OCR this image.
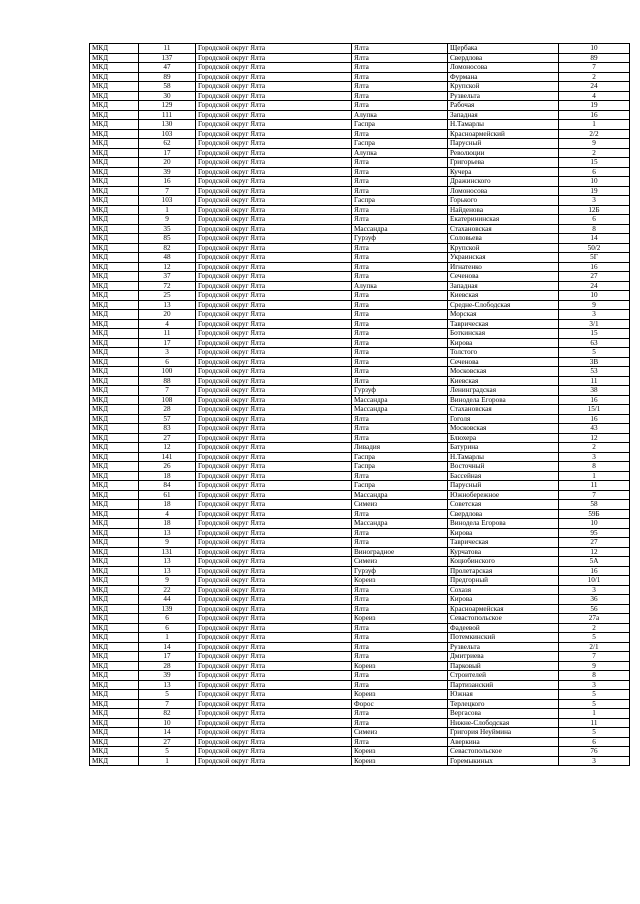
МКД	11	Городской округ Ялта	Ялта	Щербака	10
МКД	137	Городской округ Ялта	Ялта	Свердлова	89
МКД	47	Городской округ Ялта	Ялта	Ломоносова	7
МКД	89	Городской округ Ялта	Ялта	Фурмана	2
МКД	58	Городской округ Ялта	Ялта	Крупской	24
МКД	30	Городской округ Ялта	Ялта	Рузвельта	4
МКД	129	Городской округ Ялта	Ялта	Рабочая	19
МКД	111	Городской округ Ялта	Алупка	Западная	16
МКД	130	Городской округ Ялта	Гаспра	Н.Тамарлы	1
МКД	103	Городской округ Ялта	Ялта	Красноармейский	2/2
МКД	62	Городской округ Ялта	Гаспра	Парусный	9
МКД	17	Городской округ Ялта	Алупка	Революции	2
МКД	20	Городской округ Ялта	Ялта	Григорьева	15
МКД	39	Городской округ Ялта	Ялта	Кучера	6
МКД	16	Городской округ Ялта	Ялта	Дражинского	10
МКД	7	Городской округ Ялта	Ялта	Ломоносова	19
МКД	103	Городской округ Ялта	Гаспра	Горького	3
МКД	1	Городской округ Ялта	Ялта	Найденова	12Б
МКД	9	Городской округ Ялта	Ялта	Екатерининская	6
МКД	35	Городской округ Ялта	Массандра	Стахановская	8
МКД	85	Городской округ Ялта	Гурзуф	Соловьева	14
МКД	82	Городской округ Ялта	Ялта	Крупской	50/2
МКД	48	Городской округ Ялта	Ялта	Украинская	5Г
МКД	12	Городской округ Ялта	Ялта	Игнатенко	16
МКД	37	Городской округ Ялта	Ялта	Сеченова	27
МКД	72	Городской округ Ялта	Алупка	Западная	24
МКД	25	Городской округ Ялта	Ялта	Киевская	10
МКД	13	Городской округ Ялта	Ялта	Средне-Слободская	9
МКД	20	Городской округ Ялта	Ялта	Морская	3
МКД	4	Городской округ Ялта	Ялта	Таврическая	3/1
МКД	11	Городской округ Ялта	Ялта	Боткинская	15
МКД	17	Городской округ Ялта	Ялта	Кирова	63
МКД	3	Городской округ Ялта	Ялта	Толстого	5
МКД	6	Городской округ Ялта	Ялта	Сеченова	3В
МКД	100	Городской округ Ялта	Ялта	Московская	53
МКД	88	Городской округ Ялта	Ялта	Киевская	11
МКД	7	Городской округ Ялта	Гурзуф	Ленинградская	38
МКД	108	Городской округ Ялта	Массандра	Винодела Егорова	16
МКД	28	Городской округ Ялта	Массандра	Стахановская	15/1
МКД	57	Городской округ Ялта	Ялта	Гоголя	16
МКД	83	Городской округ Ялта	Ялта	Московская	43
МКД	27	Городской округ Ялта	Ялта	Блюхера	12
МКД	12	Городской округ Ялта	Ливадия	Батурина	2
МКД	141	Городской округ Ялта	Гаспра	Н.Тамарлы	3
МКД	26	Городской округ Ялта	Гаспра	Восточный	8
МКД	18	Городской округ Ялта	Ялта	Бассейная	1
МКД	84	Городской округ Ялта	Гаспра	Парусный	11
МКД	61	Городской округ Ялта	Массандра	Южнобережное	7
МКД	18	Городской округ Ялта	Симеиз	Советская	58
МКД	4	Городской округ Ялта	Ялта	Свердлова	59Б
МКД	18	Городской округ Ялта	Массандра	Винодела Егорова	10
МКД	13	Городской округ Ялта	Ялта	Кирова	95
МКД	9	Городской округ Ялта	Ялта	Таврическая	27
МКД	131	Городской округ Ялта	Виноградное	Курчатова	12
МКД	13	Городской округ Ялта	Симеиз	Коцюбинского	5А
МКД	13	Городской округ Ялта	Гурзуф	Пролетарская	16
МКД	9	Городской округ Ялта	Кореиз	Предгорный	10/1
МКД	22	Городской округ Ялта	Ялта	Сохазя	3
МКД	44	Городской округ Ялта	Ялта	Кирова	36
МКД	139	Городской округ Ялта	Ялта	Красноармейская	56
МКД	6	Городской округ Ялта	Кореиз	Севастопольское	27а
МКД	6	Городской округ Ялта	Ялта	Фадеевой	2
МКД	1	Городской округ Ялта	Ялта	Потемкинский	5
МКД	14	Городской округ Ялта	Ялта	Рузвельта	2/1
МКД	17	Городской округ Ялта	Ялта	Дмитриева	7
МКД	28	Городской округ Ялта	Кореиз	Парковый	9
МКД	39	Городской округ Ялта	Ялта	Строителей	8
МКД	13	Городской округ Ялта	Ялта	Партизанский	3
МКД	5	Городской округ Ялта	Кореиз	Южная	5
МКД	7	Городской округ Ялта	Форос	Терлецкого	5
МКД	82	Городской округ Ялта	Ялта	Вергасова	1
МКД	10	Городской округ Ялта	Ялта	Нижне-Слободская	11
МКД	14	Городской округ Ялта	Симеиз	Григория Неуймина	5
МКД	27	Городской округ Ялта	Ялта	Аверкина	6
МКД	5	Городской округ Ялта	Кореиз	Севастопольское	76
МКД	1	Городской округ Ялта	Кореиз	Горемыкиных	3
